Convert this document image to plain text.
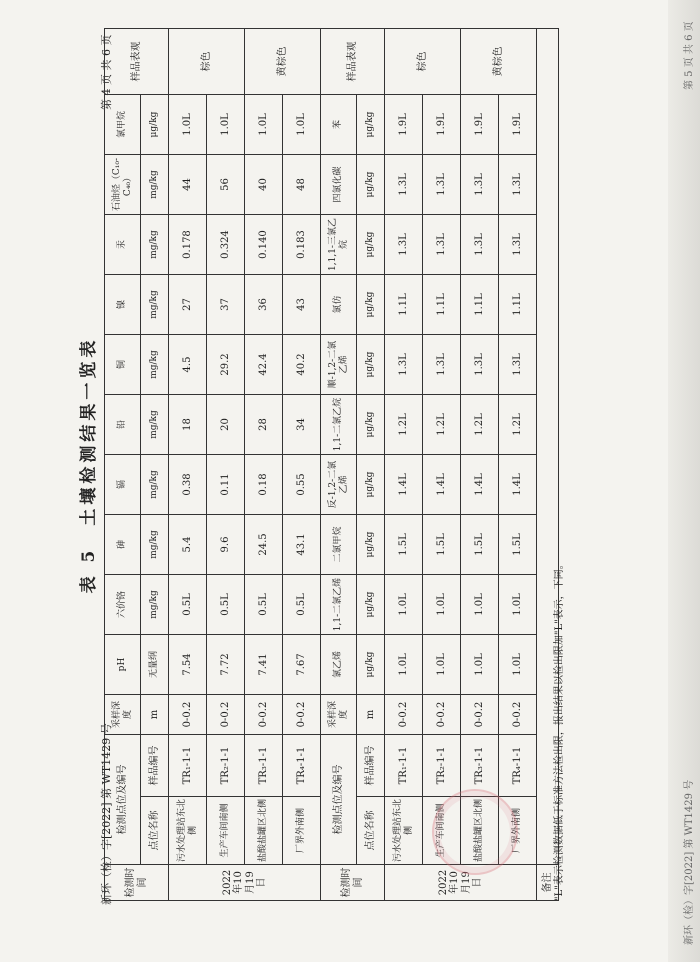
新环（检）字[2022] 第 WT1429 号
第 4 页 共 6 页
新环（检）字[2022] 第 WT1429 号
第 5 页 共 6 页
表 5　土壤检测结果一览表
检测时间	检测点位及编号		采样深度	pH	六价铬	砷	镉	铅	铜	镍	汞	石油烃（C₁₀-C₄₀）	氯甲烷	样品表观
	点位名称	样品编号	m	无量纲	mg/kg	mg/kg	mg/kg	mg/kg	mg/kg	mg/kg	mg/kg	mg/kg	μg/kg	
2022年10月19日	污水处理站东北侧	TR₁-1-1	0-0.2	7.54	0.5L	5.4	0.38	18	4.5	27	0.178	44	1.0L	棕色
	生产车间南侧	TR₂-1-1	0-0.2	7.72	0.5L	9.6	0.11	20	29.2	37	0.324	56	1.0L	
	盐酸盐罐区北侧	TR₃-1-1	0-0.2	7.41	0.5L	24.5	0.18	28	42.4	36	0.140	40	1.0L	黄棕色
	厂界外南侧	TR₄-1-1	0-0.2	7.67	0.5L	43.1	0.55	34	40.2	43	0.183	48	1.0L	
检测时间	检测点位及编号		采样深度	氯乙烯	1,1-二氯乙烯	二氯甲烷	反-1,2-二氯乙烯	1,1-二氯乙烷	顺-1,2-二氯乙烯	氯仿	1,1,1-三氯乙烷	四氯化碳	苯	样品表观
	点位名称	样品编号	m	μg/kg	μg/kg	μg/kg	μg/kg	μg/kg	μg/kg	μg/kg	μg/kg	μg/kg	μg/kg	
2022年10月19日	污水处理站东北侧	TR₁-1-1	0-0.2	1.0L	1.0L	1.5L	1.4L	1.2L	1.3L	1.1L	1.3L	1.3L	1.9L	棕色
	生产车间南侧	TR₂-1-1	0-0.2	1.0L	1.0L	1.5L	1.4L	1.2L	1.3L	1.1L	1.3L	1.3L	1.9L	
	盐酸盐罐区北侧	TR₃-1-1	0-0.2	1.0L	1.0L	1.5L	1.4L	1.2L	1.3L	1.1L	1.3L	1.3L	1.9L	黄棕色
	厂界外南侧	TR₄-1-1	0-0.2	1.0L	1.0L	1.5L	1.4L	1.2L	1.3L	1.1L	1.3L	1.3L	1.9L	
备注														"L"表示检测数据低于标准方法检出限，报出结果以检出限加"L"表示，下同。
